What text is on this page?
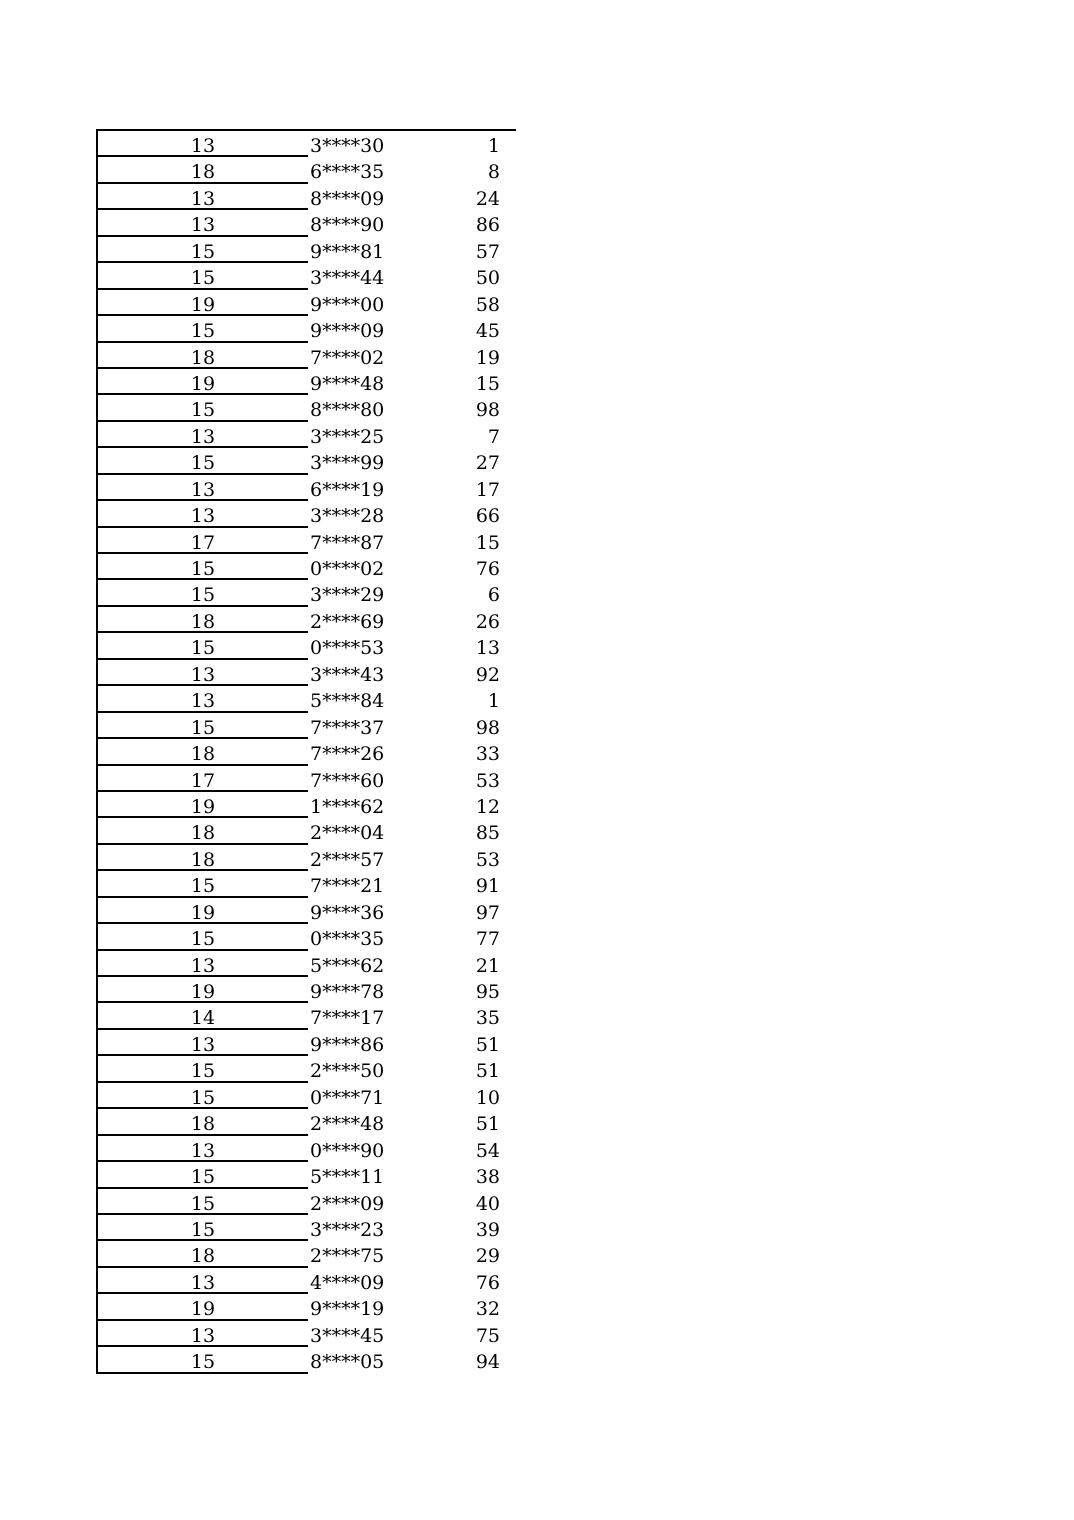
13	3****30	1
18	6****35	8
13	8****09	24
13	8****90	86
15	9****81	57
15	3****44	50
19	9****00	58
15	9****09	45
18	7****02	19
19	9****48	15
15	8****80	98
13	3****25	7
15	3****99	27
13	6****19	17
13	3****28	66
17	7****87	15
15	0****02	76
15	3****29	6
18	2****69	26
15	0****53	13
13	3****43	92
13	5****84	1
15	7****37	98
18	7****26	33
17	7****60	53
19	1****62	12
18	2****04	85
18	2****57	53
15	7****21	91
19	9****36	97
15	0****35	77
13	5****62	21
19	9****78	95
14	7****17	35
13	9****86	51
15	2****50	51
15	0****71	10
18	2****48	51
13	0****90	54
15	5****11	38
15	2****09	40
15	3****23	39
18	2****75	29
13	4****09	76
19	9****19	32
13	3****45	75
15	8****05	94
